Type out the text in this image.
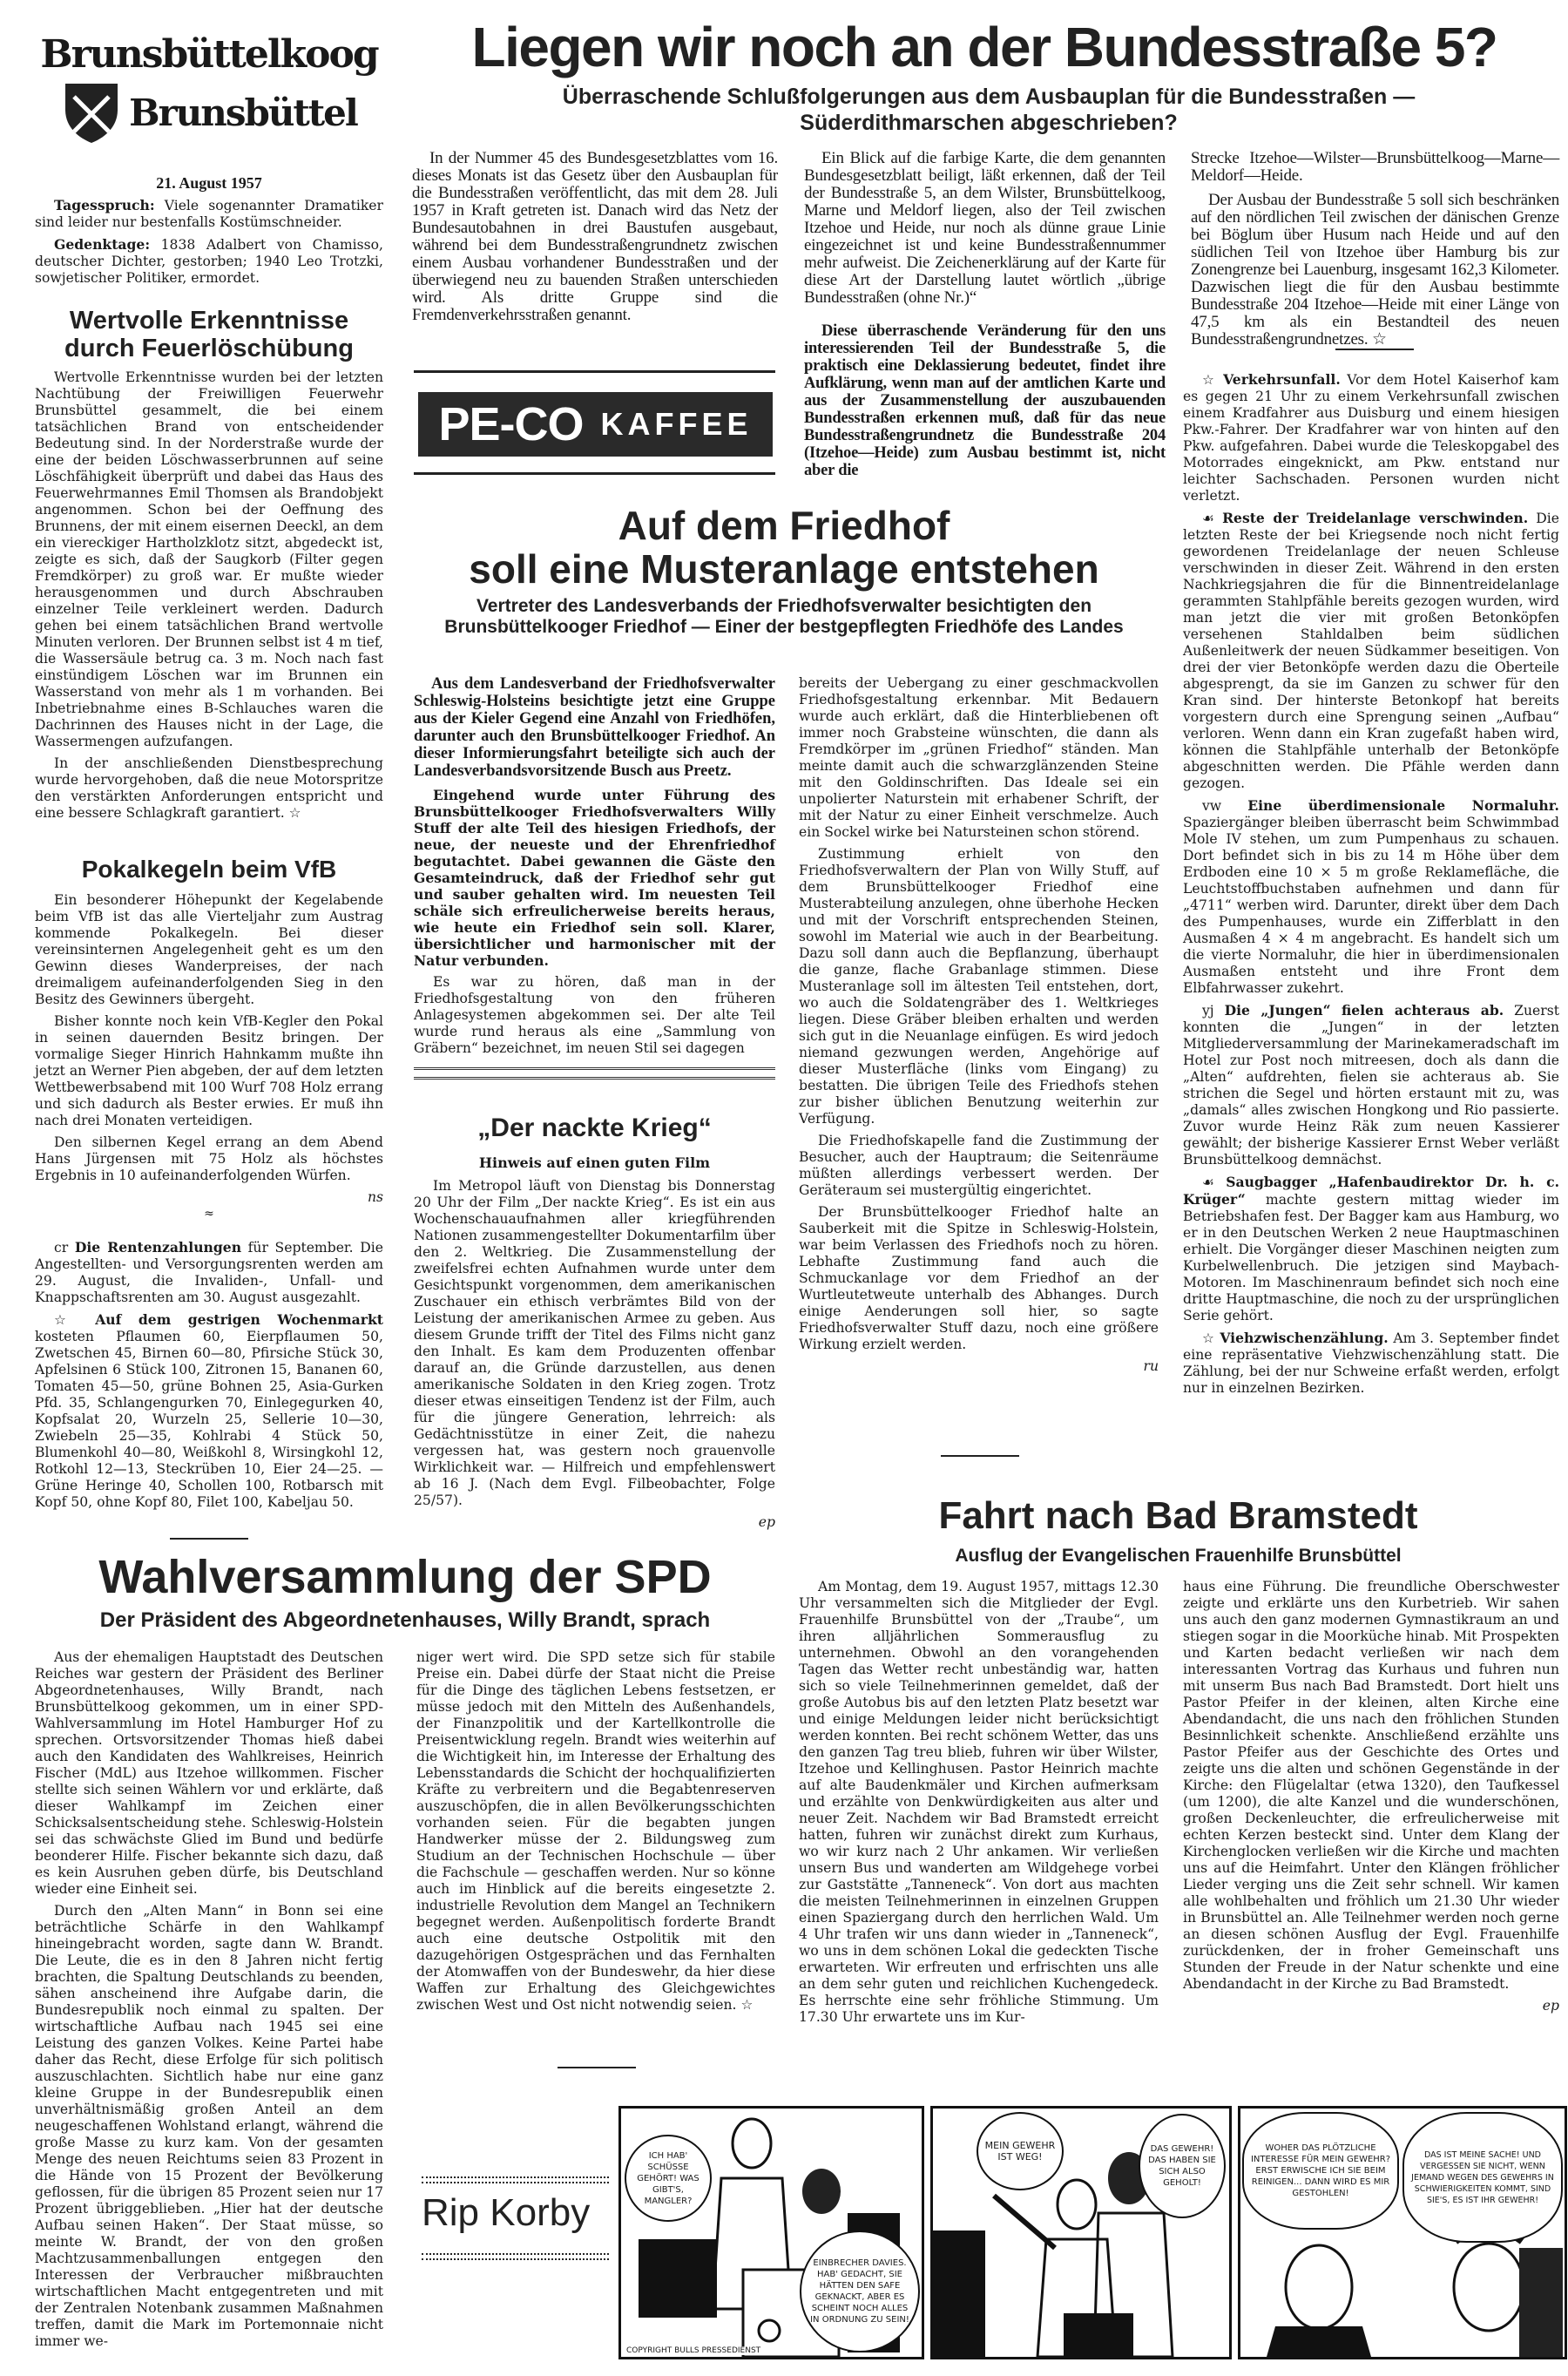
Brunsbüttelkoog
Brunsbüttel
21. August 1957

Tagesspruch: Viele sogenannter Dramatiker sind leider nur bestenfalls Kostümschneider.

Gedenktage: 1838 Adalbert von Chamisso, deutscher Dichter, gestorben; 1940 Leo Trotzki, sowjetischer Politiker, ermordet.

Wertvolle Erkenntnisse durch Feuerlöschübung

Wertvolle Erkenntnisse wurden bei der letzten Nachtübung der Freiwilligen Feuerwehr Brunsbüttel gesammelt, die bei einem tatsächlichen Brand von entscheidender Bedeutung sind. In der Norderstraße wurde der eine der beiden Löschwasserbrunnen auf seine Löschfähigkeit überprüft und dabei das Haus des Feuerwehrmannes Emil Thomsen als Brandobjekt angenommen. Schon bei der Oeffnung des Brunnens, der mit einem eisernen Deeckl, an dem ein viereckiger Hartholzklotz sitzt, abgedeckt ist, zeigte es sich, daß der Saugkorb (Filter gegen Fremdkörper) zu groß war. Er mußte wieder herausgenommen und durch Abschrauben einzelner Teile verkleinert werden. Dadurch gehen bei einem tatsächlichen Brand wertvolle Minuten verloren. Der Brunnen selbst ist 4 m tief, die Wassersäule betrug ca. 3 m. Noch nach fast einstündigem Löschen war im Brunnen ein Wasserstand von mehr als 1 m vorhanden. Bei Inbetriebnahme eines B-Schlauches waren die Dachrinnen des Hauses nicht in der Lage, die Wassermengen aufzufangen.

In der anschließenden Dienstbesprechung wurde hervorgehoben, daß die neue Motorspritze den verstärkten Anforderungen entspricht und eine bessere Schlagkraft garantiert. ☆

Pokalkegeln beim VfB

Ein besonderer Höhepunkt der Kegelabende beim VfB ist das alle Vierteljahr zum Austrag kommende Pokalkegeln. Bei dieser vereinsinternen Angelegenheit geht es um den Gewinn dieses Wanderpreises, der nach dreimaligem aufeinanderfolgenden Sieg in den Besitz des Gewinners übergeht.

Bisher konnte noch kein VfB-Kegler den Pokal in seinen dauernden Besitz bringen. Der vormalige Sieger Hinrich Hahnkamm mußte ihn jetzt an Werner Pien abgeben, der auf dem letzten Wettbewerbsabend mit 100 Wurf 708 Holz errang und sich dadurch als Bester erwies. Er muß ihn nach drei Monaten verteidigen.

Den silbernen Kegel errang an dem Abend Hans Jürgensen mit 75 Holz als höchstes Ergebnis in 10 aufeinanderfolgenden Würfen.

ns
≈

cr Die Rentenzahlungen für September. Die Angestellten- und Versorgungsrenten werden am 29. August, die Invaliden-, Unfall- und Knappschaftsrenten am 30. August ausgezahlt.

☆ Auf dem gestrigen Wochenmarkt kosteten Pflaumen 60, Eierpflaumen 50, Zwetschen 45, Birnen 60—80, Pfirsiche Stück 30, Apfelsinen 6 Stück 100, Zitronen 15, Bananen 60, Tomaten 45—50, grüne Bohnen 25, Asia-Gurken Pfd. 35, Schlangengurken 70, Einlegegurken 40, Kopfsalat 20, Wurzeln 25, Sellerie 10—30, Zwiebeln 25—35, Kohlrabi 4 Stück 50, Blumenkohl 40—80, Weißkohl 8, Wirsingkohl 12, Rotkohl 12—13, Steckrüben 10, Eier 24—25. — Grüne Heringe 40, Schollen 100, Rotbarsch mit Kopf 50, ohne Kopf 80, Filet 100, Kabeljau 50.

Liegen wir noch an der Bundesstraße 5?
Überraschende Schlußfolgerungen aus dem Ausbauplan für die Bundesstraßen — Süderdithmarschen abgeschrieben?

In der Nummer 45 des Bundesgesetzblattes vom 16. dieses Monats ist das Gesetz über den Ausbauplan für die Bundesstraßen veröffentlicht, das mit dem 28. Juli 1957 in Kraft getreten ist. Danach wird das Netz der Bundesautobahnen in drei Baustufen ausgebaut, während bei dem Bundesstraßengrundnetz zwischen einem Ausbau vorhandener Bundesstraßen und der überwiegend neu zu bauenden Straßen unterschieden wird. Als dritte Gruppe sind die Fremdenverkehrsstraßen genannt.

Ein Blick auf die farbige Karte, die dem genannten Bundesgesetzblatt beiligt, läßt erkennen, daß der Teil der Bundesstraße 5, an dem Wilster, Brunsbüttelkoog, Marne und Meldorf liegen, also der Teil zwischen Itzehoe und Heide, nur noch als dünne graue Linie eingezeichnet ist und keine Bundesstraßennummer mehr aufweist. Die Zeichenerklärung auf der Karte für diese Art der Darstellung lautet wörtlich „übrige Bundesstraßen (ohne Nr.)“

Diese überraschende Veränderung für den uns interessierenden Teil der Bundesstraße 5, die praktisch eine Deklassierung bedeutet, findet ihre Aufklärung, wenn man auf der amtlichen Karte und aus der Zusammenstellung der auszubauenden Bundesstraßen erkennen muß, daß für das neue Bundesstraßengrundnetz die Bundesstraße 204 (Itzehoe—Heide) zum Ausbau bestimmt ist, nicht aber die

Strecke Itzehoe—Wilster—Brunsbüttelkoog—Marne—Meldorf—Heide.

Der Ausbau der Bundesstraße 5 soll sich beschränken auf den nördlichen Teil zwischen der dänischen Grenze bei Böglum über Husum nach Heide und auf den südlichen Teil von Itzehoe über Hamburg bis zur Zonengrenze bei Lauenburg, insgesamt 162,3 Kilometer. Dazwischen liegt die für den Ausbau bestimmte Bundesstraße 204 Itzehoe—Heide mit einer Länge von 47,5 km als ein Bestandteil des neuen Bundesstraßengrundnetzes. ☆

PE-CO KAFFEE
Auf dem Friedhof
soll eine Musteranlage entstehen
Vertreter des Landesverbands der Friedhofsverwalter besichtigten den Brunsbüttelkooger Friedhof — Einer der bestgepflegten Friedhöfe des Landes

Aus dem Landesverband der Friedhofsverwalter Schleswig-Holsteins besichtigte jetzt eine Gruppe aus der Kieler Gegend eine Anzahl von Friedhöfen, darunter auch den Brunsbüttelkooger Friedhof. An dieser Informierungsfahrt beteiligte sich auch der Landesverbandsvorsitzende Busch aus Preetz.

Eingehend wurde unter Führung des Brunsbüttelkooger Friedhofsverwalters Willy Stuff der alte Teil des hiesigen Friedhofs, der neue, der neueste und der Ehrenfriedhof begutachtet. Dabei gewannen die Gäste den Gesamteindruck, daß der Friedhof sehr gut und sauber gehalten wird. Im neuesten Teil schäle sich erfreulicherweise bereits heraus, wie heute ein Friedhof sein soll. Klarer, übersichtlicher und harmonischer mit der Natur verbunden.

Es war zu hören, daß man in der Friedhofsgestaltung von den früheren Anlagesystemen abgekommen sei. Der alte Teil wurde rund heraus als eine „Sammlung von Gräbern“ bezeichnet, im neuen Stil sei dagegen

bereits der Uebergang zu einer geschmackvollen Friedhofsgestaltung erkennbar. Mit Bedauern wurde auch erklärt, daß die Hinterbliebenen oft immer noch Grabsteine wünschten, die dann als Fremdkörper im „grünen Friedhof“ ständen. Man meinte damit auch die schwarzglänzenden Steine mit den Goldinschriften. Das Ideale sei ein unpolierter Naturstein mit erhabener Schrift, der mit der Natur zu einer Einheit verschmelze. Auch ein Sockel wirke bei Natursteinen schon störend.

Zustimmung erhielt von den Friedhofsverwaltern der Plan von Willy Stuff, auf dem Brunsbüttelkooger Friedhof eine Musterabteilung anzulegen, ohne überhohe Hecken und mit der Vorschrift entsprechenden Steinen, sowohl im Material wie auch in der Bearbeitung. Dazu soll dann auch die Bepflanzung, überhaupt die ganze, flache Grabanlage stimmen. Diese Musteranlage soll im ältesten Teil entstehen, dort, wo auch die Soldatengräber des 1. Weltkrieges liegen. Diese Gräber bleiben erhalten und werden sich gut in die Neuanlage einfügen. Es wird jedoch niemand gezwungen werden, Angehörige auf dieser Musterfläche (links vom Eingang) zu bestatten. Die übrigen Teile des Friedhofs stehen zur bisher üblichen Benutzung weiterhin zur Verfügung.

Die Friedhofskapelle fand die Zustimmung der Besucher, auch der Hauptraum; die Seitenräume müßten allerdings verbessert werden. Der Geräteraum sei mustergültig eingerichtet.

Der Brunsbüttelkooger Friedhof halte an Sauberkeit mit die Spitze in Schleswig-Holstein, war beim Verlassen des Friedhofs noch zu hören. Lebhafte Zustimmung fand auch die Schmuckanlage vor dem Friedhof an der Wurtleutetweute unterhalb des Abhanges. Durch einige Aenderungen soll hier, so sagte Friedhofsverwalter Stuff dazu, noch eine größere Wirkung erzielt werden.

ru
„Der nackte Krieg“
Hinweis auf einen guten Film

Im Metropol läuft von Dienstag bis Donnerstag 20 Uhr der Film „Der nackte Krieg“. Es ist ein aus Wochenschauaufnahmen aller kriegführenden Nationen zusammengestellter Dokumentarfilm über den 2. Weltkrieg. Die Zusammenstellung der zweifelsfrei echten Aufnahmen wurde unter dem Gesichtspunkt vorgenommen, dem amerikanischen Zuschauer ein ethisch verbrämtes Bild von der Leistung der amerikanischen Armee zu geben. Aus diesem Grunde trifft der Titel des Films nicht ganz den Inhalt. Es kam dem Produzenten offenbar darauf an, die Gründe darzustellen, aus denen amerikanische Soldaten in den Krieg zogen. Trotz dieser etwas einseitigen Tendenz ist der Film, auch für die jüngere Generation, lehrreich: als Gedächtnisstütze in einer Zeit, die nahezu vergessen hat, was gestern noch grauenvolle Wirklichkeit war. — Hilfreich und empfehlenswert ab 16 J. (Nach dem Evgl. Filbeobachter, Folge 25/57).

ep

☆ Verkehrsunfall. Vor dem Hotel Kaiserhof kam es gegen 21 Uhr zu einem Verkehrsunfall zwischen einem Kradfahrer aus Duisburg und einem hiesigen Pkw.-Fahrer. Der Kradfahrer war von hinten auf den Pkw. aufgefahren. Dabei wurde die Teleskopgabel des Motorrades eingeknickt, am Pkw. entstand nur leichter Sachschaden. Personen wurden nicht verletzt.

☙ Reste der Treidelanlage verschwinden. Die letzten Reste der bei Kriegsende noch nicht fertig gewordenen Treidelanlage der neuen Schleuse verschwinden in dieser Zeit. Während in den ersten Nachkriegsjahren die für die Binnentreidelanlage gerammten Stahlpfähle bereits gezogen wurden, wird man jetzt die vier mit großen Betonköpfen versehenen Stahldalben beim südlichen Außenleitwerk der neuen Südkammer beseitigen. Von drei der vier Betonköpfe werden dazu die Oberteile abgesprengt, da sie im Ganzen zu schwer für den Kran sind. Der hinterste Betonkopf hat bereits vorgestern durch eine Sprengung seinen „Aufbau“ verloren. Wenn dann ein Kran zugefaßt haben wird, können die Stahlpfähle unterhalb der Betonköpfe abgeschnitten werden. Die Pfähle werden dann gezogen.

vw Eine überdimensionale Normaluhr. Spaziergänger bleiben überrascht beim Schwimmbad Mole IV stehen, um zum Pumpenhaus zu schauen. Dort befindet sich in bis zu 14 m Höhe über dem Erdboden eine 10 × 5 m große Reklamefläche, die Leuchtstoffbuchstaben aufnehmen und dann für „4711“ werben wird. Darunter, direkt über dem Dach des Pumpenhauses, wurde ein Zifferblatt in den Ausmaßen 4 × 4 m angebracht. Es handelt sich um die vierte Normaluhr, die hier in überdimensionalen Ausmaßen entsteht und ihre Front dem Elbfahrwasser zukehrt.

yj Die „Jungen“ fielen achteraus ab. Zuerst konnten die „Jungen“ in der letzten Mitgliederversammlung der Marinekameradschaft im Hotel zur Post noch mitreesen, doch als dann die „Alten“ aufdrehten, fielen sie achteraus ab. Sie strichen die Segel und hörten erstaunt mit zu, was „damals“ alles zwischen Hongkong und Rio passierte. Zuvor wurde Heinz Räk zum neuen Kassierer gewählt; der bisherige Kassierer Ernst Weber verläßt Brunsbüttelkoog demnächst.

☙ Saugbagger „Hafenbaudirektor Dr. h. c. Krüger“ machte gestern mittag wieder im Betriebshafen fest. Der Bagger kam aus Hamburg, wo er in den Deutschen Werken 2 neue Hauptmaschinen erhielt. Die Vorgänger dieser Maschinen neigten zum Kurbelwellenbruch. Die jetzigen sind Maybach-Motoren. Im Maschinenraum befindet sich noch eine dritte Hauptmaschine, die noch zu der ursprünglichen Serie gehört.

☆ Viehzwischenzählung. Am 3. September findet eine repräsentative Viehzwischenzählung statt. Die Zählung, bei der nur Schweine erfaßt werden, erfolgt nur in einzelnen Bezirken.

Wahlversammlung der SPD
Der Präsident des Abgeordnetenhauses, Willy Brandt, sprach

Aus der ehemaligen Hauptstadt des Deutschen Reiches war gestern der Präsident des Berliner Abgeordnetenhauses, Willy Brandt, nach Brunsbüttelkoog gekommen, um in einer SPD-Wahlversammlung im Hotel Hamburger Hof zu sprechen. Ortsvorsitzender Thomas hieß dabei auch den Kandidaten des Wahlkreises, Heinrich Fischer (MdL) aus Itzehoe willkommen. Fischer stellte sich seinen Wählern vor und erklärte, daß dieser Wahlkampf im Zeichen einer Schicksalsentscheidung stehe. Schleswig-Holstein sei das schwächste Glied im Bund und bedürfe beonderer Hilfe. Fischer bekannte sich dazu, daß es kein Ausruhen geben dürfe, bis Deutschland wieder eine Einheit sei.

Durch den „Alten Mann“ in Bonn sei eine beträchtliche Schärfe in den Wahlkampf hineingebracht worden, sagte dann W. Brandt. Die Leute, die es in den 8 Jahren nicht fertig brachten, die Spaltung Deutschlands zu beenden, sähen anscheinend ihre Aufgabe darin, die Bundesrepublik noch einmal zu spalten. Der wirtschaftliche Aufbau nach 1945 sei eine Leistung des ganzen Volkes. Keine Partei habe daher das Recht, diese Erfolge für sich politisch auszuschlachten. Sichtlich habe nur eine ganz kleine Gruppe in der Bundesrepublik einen unverhältnismäßig großen Anteil an dem neugeschaffenen Wohlstand erlangt, während die große Masse zu kurz kam. Von der gesamten Menge des neuen Reichtums seien 83 Prozent in die Hände von 15 Prozent der Bevölkerung geflossen, für die übrigen 85 Prozent seien nur 17 Prozent übriggeblieben. „Hier hat der deutsche Aufbau seinen Haken“. Der Staat müsse, so meinte W. Brandt, der von den großen Machtzusammenballungen entgegen den Interessen der Verbraucher mißbrauchten wirtschaftlichen Macht entgegentreten und mit der Zentralen Notenbank zusammen Maßnahmen treffen, damit die Mark im Portemonnaie nicht immer we-

niger wert wird. Die SPD setze sich für stabile Preise ein. Dabei dürfe der Staat nicht die Preise für die Dinge des täglichen Lebens festsetzen, er müsse jedoch mit den Mitteln des Außenhandels, der Finanzpolitik und der Kartellkontrolle die Preisentwicklung regeln. Brandt wies weiterhin auf die Wichtigkeit hin, im Interesse der Erhaltung des Lebensstandards die Schicht der hochqualifizierten Kräfte zu verbreitern und die Begabtenreserven auszuschöpfen, die in allen Bevölkerungsschichten vorhanden seien. Für die begabten jungen Handwerker müsse der 2. Bildungsweg zum Studium an der Technischen Hochschule — über die Fachschule — geschaffen werden. Nur so könne auch im Hinblick auf die bereits eingesetzte 2. industrielle Revolution dem Mangel an Technikern begegnet werden. Außenpolitisch forderte Brandt auch eine deutsche Ostpolitik mit den dazugehörigen Ostgesprächen und das Fernhalten der Atomwaffen von der Bundeswehr, da hier diese Waffen zur Erhaltung des Gleichgewichtes zwischen West und Ost nicht notwendig seien. ☆

Fahrt nach Bad Bramstedt
Ausflug der Evangelischen Frauenhilfe Brunsbüttel

Am Montag, dem 19. August 1957, mittags 12.30 Uhr versammelten sich die Mitglieder der Evgl. Frauenhilfe Brunsbüttel von der „Traube“, um ihren alljährlichen Sommerausflug zu unternehmen. Obwohl an den vorangehenden Tagen das Wetter recht unbeständig war, hatten sich so viele Teilnehmerinnen gemeldet, daß der große Autobus bis auf den letzten Platz besetzt war und einige Meldungen leider nicht berücksichtigt werden konnten. Bei recht schönem Wetter, das uns den ganzen Tag treu blieb, fuhren wir über Wilster, Itzehoe und Kellinghusen. Pastor Heinrich machte auf alte Baudenkmäler und Kirchen aufmerksam und erzählte von Denkwürdigkeiten aus alter und neuer Zeit. Nachdem wir Bad Bramstedt erreicht hatten, fuhren wir zunächst direkt zum Kurhaus, wo wir kurz nach 2 Uhr ankamen. Wir verließen unsern Bus und wanderten am Wildgehege vorbei zur Gaststätte „Tanneneck“. Von dort aus machten die meisten Teilnehmerinnen in einzelnen Gruppen einen Spaziergang durch den herrlichen Wald. Um 4 Uhr trafen wir uns dann wieder in „Tanneneck“, wo uns in dem schönen Lokal die gedeckten Tische erwarteten. Wir erfreuten und erfrischten uns alle an dem sehr guten und reichlichen Kuchengedeck. Es herrschte eine sehr fröhliche Stimmung. Um 17.30 Uhr erwartete uns im Kur-

haus eine Führung. Die freundliche Oberschwester zeigte und erklärte uns den Kurbetrieb. Wir sahen uns auch den ganz modernen Gymnastikraum an und stiegen sogar in die Moorküche hinab. Mit Prospekten und Karten bedacht verließen wir nach dem interessanten Vortrag das Kurhaus und fuhren nun mit unserm Bus nach Bad Bramstedt. Dort hielt uns Pastor Pfeifer in der kleinen, alten Kirche eine Abendandacht, die uns nach den fröhlichen Stunden Besinnlichkeit schenkte. Anschließend erzählte uns Pastor Pfeifer aus der Geschichte des Ortes und zeigte uns die alten und schönen Gegenstände in der Kirche: den Flügelaltar (etwa 1320), den Taufkessel (um 1200), die alte Kanzel und die wunderschönen, großen Deckenleuchter, die erfreulicherweise mit echten Kerzen besteckt sind. Unter dem Klang der Kirchenglocken verließen wir die Kirche und machten uns auf die Heimfahrt. Unter den Klängen fröhlicher Lieder verging uns die Zeit sehr schnell. Wir kamen alle wohlbehalten und fröhlich um 21.30 Uhr wieder in Brunsbüttel an. Alle Teilnehmer werden noch gerne an diesen schönen Ausflug der Evgl. Frauenhilfe zurückdenken, der in froher Gemeinschaft uns Stunden der Freude in der Natur schenkte und eine Abendandacht in der Kirche zu Bad Bramstedt.

ep
Rip Korby
ICH HAB' SCHÜSSE GEHÖRT! WAS GIBT'S, MANGLER?
EINBRECHER DAVIES. HAB' GEDACHT, SIE HÄTTEN DEN SAFE GEKNACKT, ABER ES SCHEINT NOCH ALLES IN ORDNUNG ZU SEIN!
COPYRIGHT BULLS PRESSEDIENST
MEIN GEWEHR IST WEG!
DAS GEWEHR! DAS HABEN SIE SICH ALSO GEHOLT!
WOHER DAS PLÖTZLICHE INTERESSE FÜR MEIN GEWEHR? ERST ERWISCHE ICH SIE BEIM REINIGEN... DANN WIRD ES MIR GESTOHLEN!
DAS IST MEINE SACHE! UND VERGESSEN SIE NICHT, WENN JEMAND WEGEN DES GEWEHRS IN SCHWIERIGKEITEN KOMMT, SIND SIE'S, ES IST IHR GEWEHR!
